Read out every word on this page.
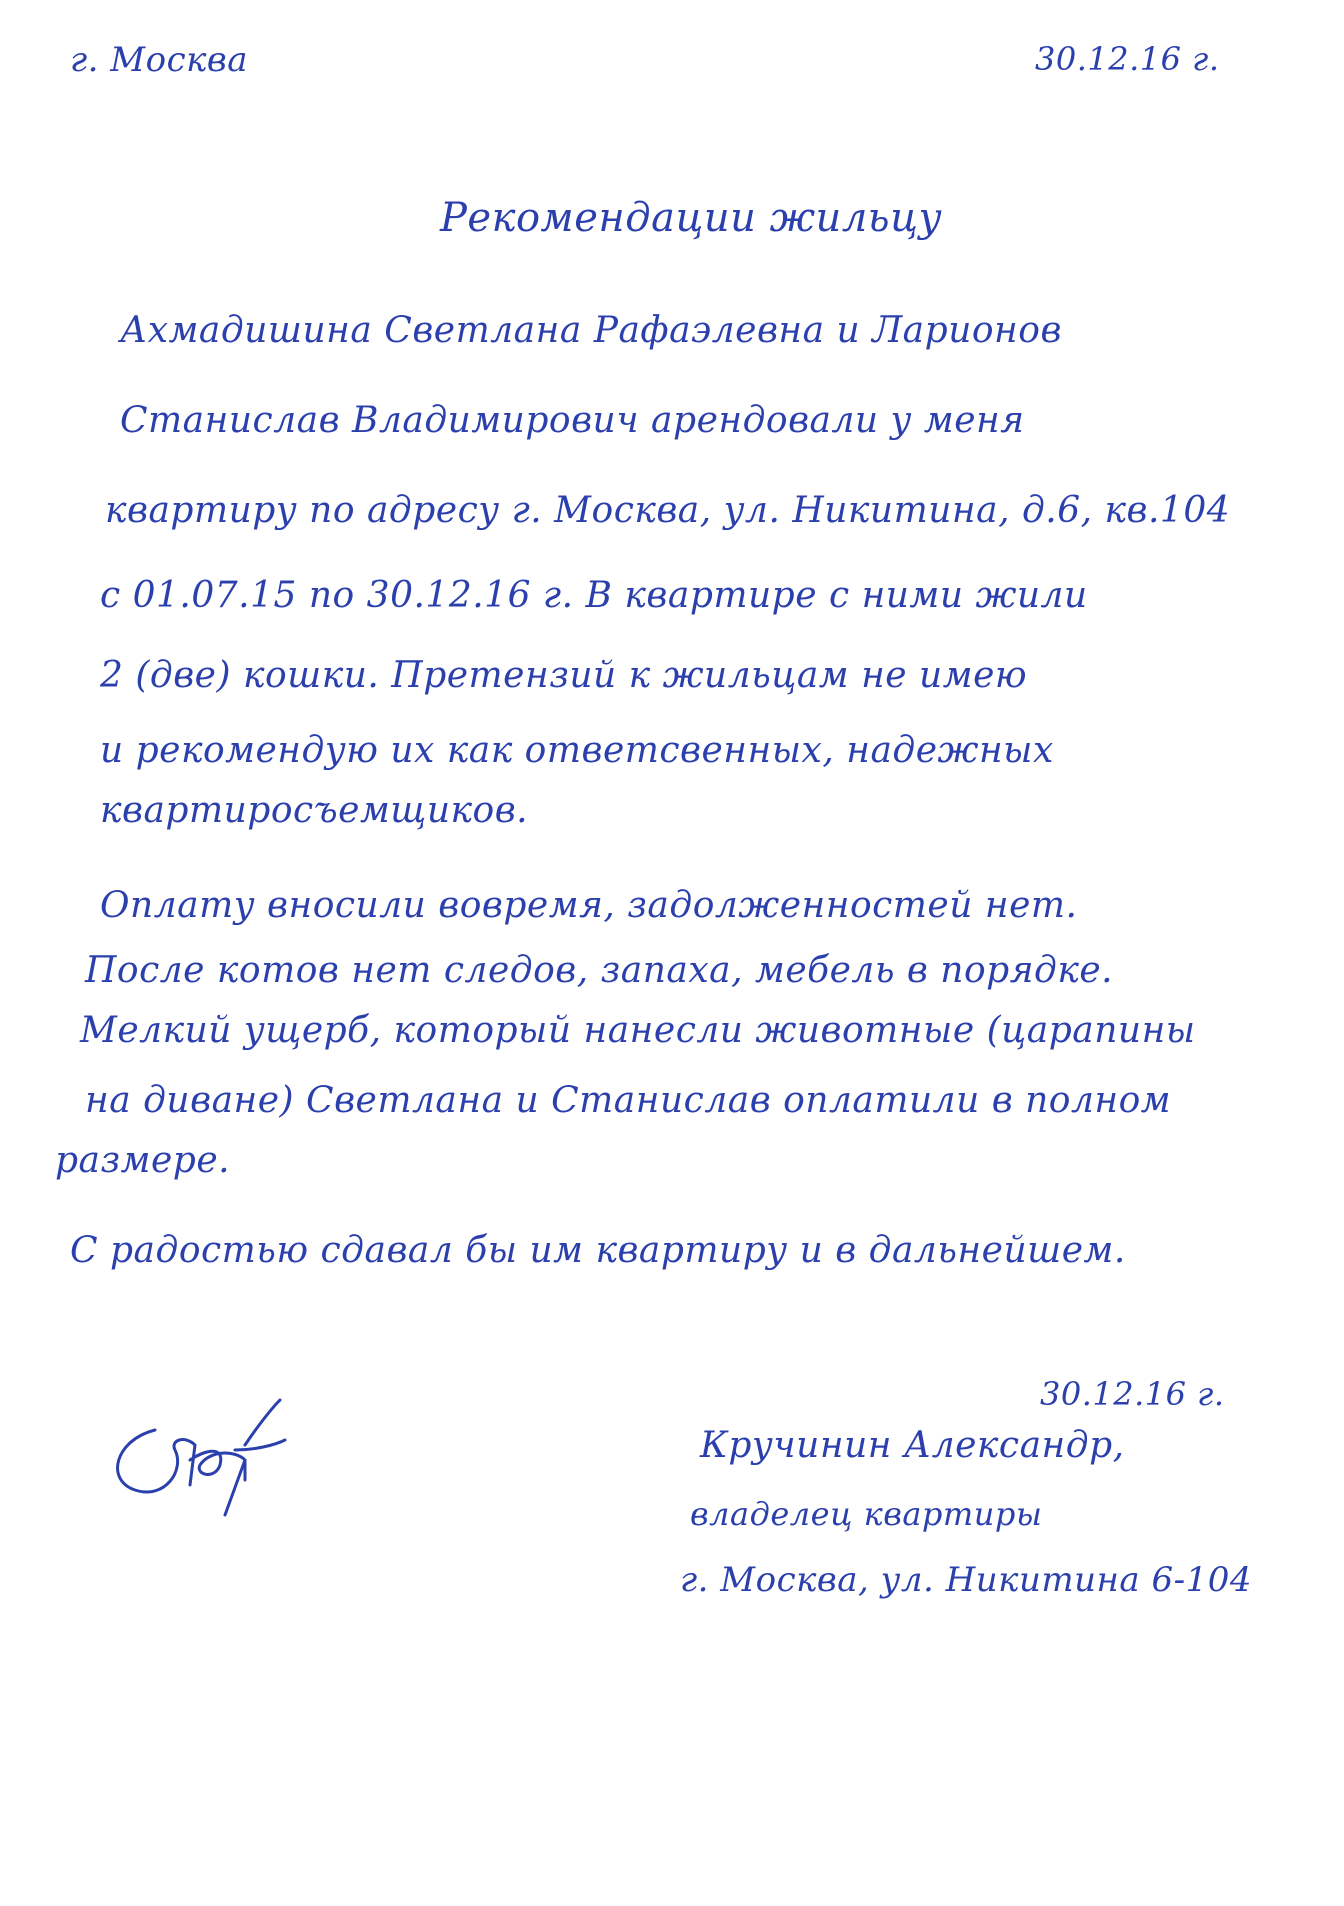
г. Москва	30.12.16 г.
Рекомендации жильцу
Ахмадишина Светлана Рафаэлевна и Ларионов
Станислав Владимирович арендовали у меня
квартиру по адресу г. Москва, ул. Никитина, д.6, кв.104
с 01.07.15 по 30.12.16 г. В квартире с ними жили
2 (две) кошки. Претензий к жильцам не имею
и рекомендую их как ответсвенных, надежных
квартиросъемщиков.
Оплату вносили вовремя, задолженностей нет.
После котов нет следов, запаха, мебель в порядке.
Мелкий ущерб, который нанесли животные (царапины
на диване) Светлана и Станислав оплатили в полном
размере.
С радостью сдавал бы им квартиру и в дальнейшем.
30.12.16 г.
Кручинин Александр,
владелец квартиры
г. Москва, ул. Никитина 6-104
